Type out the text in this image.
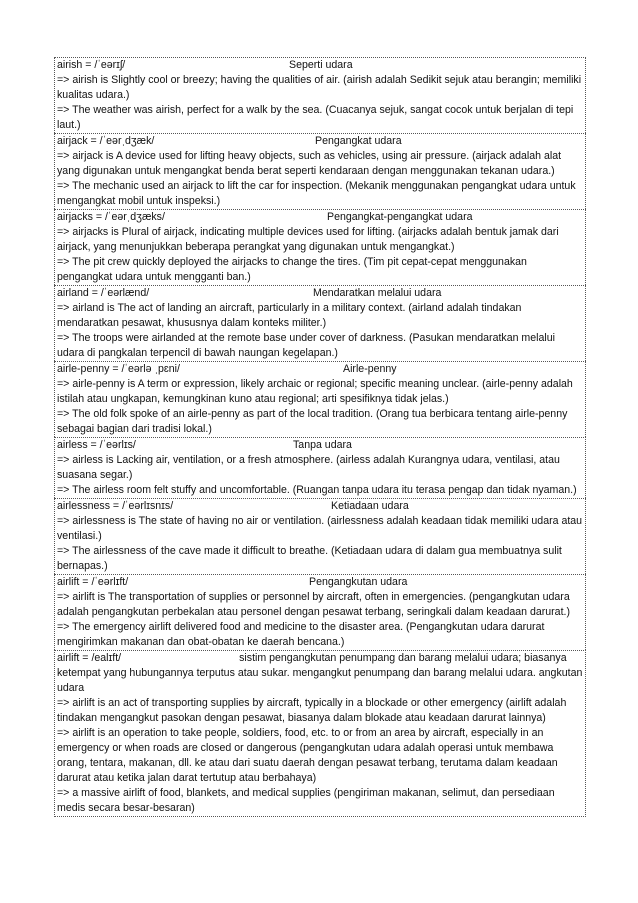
airish = /ˈeərɪʃ/	Seperti udara
=> airish is Slightly cool or breezy; having the qualities of air. (airish adalah Sedikit sejuk atau berangin; memiliki kualitas udara.)
=> The weather was airish, perfect for a walk by the sea. (Cuacanya sejuk, sangat cocok untuk berjalan di tepi laut.)
airjack = /ˈeərˌdʒæk/	Pengangkat udara
=> airjack is A device used for lifting heavy objects, such as vehicles, using air pressure. (airjack adalah alat yang digunakan untuk mengangkat benda berat seperti kendaraan dengan menggunakan tekanan udara.)
=> The mechanic used an airjack to lift the car for inspection. (Mekanik menggunakan pengangkat udara untuk mengangkat mobil untuk inspeksi.)
airjacks = /ˈeərˌdʒæks/	Pengangkat-pengangkat udara
=> airjacks is Plural of airjack, indicating multiple devices used for lifting. (airjacks adalah bentuk jamak dari airjack, yang menunjukkan beberapa perangkat yang digunakan untuk mengangkat.)
=> The pit crew quickly deployed the airjacks to change the tires. (Tim pit cepat-cepat menggunakan pengangkat udara untuk mengganti ban.)
airland = /ˈeərlænd/	Mendaratkan melalui udara
=> airland is The act of landing an aircraft, particularly in a military context. (airland adalah tindakan mendaratkan pesawat, khususnya dalam konteks militer.)
=> The troops were airlanded at the remote base under cover of darkness. (Pasukan mendaratkan melalui udara di pangkalan terpencil di bawah naungan kegelapan.)
airle-penny = /ˈeərlə ˌpɛni/	Airle-penny
=> airle-penny is A term or expression, likely archaic or regional; specific meaning unclear. (airle-penny adalah istilah atau ungkapan, kemungkinan kuno atau regional; arti spesifiknya tidak jelas.)
=> The old folk spoke of an airle-penny as part of the local tradition. (Orang tua berbicara tentang airle-penny sebagai bagian dari tradisi lokal.)
airless = /ˈeərlɪs/	Tanpa udara
=> airless is Lacking air, ventilation, or a fresh atmosphere. (airless adalah Kurangnya udara, ventilasi, atau suasana segar.)
=> The airless room felt stuffy and uncomfortable. (Ruangan tanpa udara itu terasa pengap dan tidak nyaman.)
airlessness = /ˈeərlɪsnɪs/	Ketiadaan udara
=> airlessness is The state of having no air or ventilation. (airlessness adalah keadaan tidak memiliki udara atau ventilasi.)
=> The airlessness of the cave made it difficult to breathe. (Ketiadaan udara di dalam gua membuatnya sulit bernapas.)
airlift = /ˈeərlɪft/	Pengangkutan udara
=> airlift is The transportation of supplies or personnel by aircraft, often in emergencies. (pengangkutan udara adalah pengangkutan perbekalan atau personel dengan pesawat terbang, seringkali dalam keadaan darurat.)
=> The emergency airlift delivered food and medicine to the disaster area. (Pengangkutan udara darurat mengirimkan makanan dan obat-obatan ke daerah bencana.)
airlift = /ealɪft/	sistim pengangkutan penumpang dan barang melalui udara; biasanya ketempat yang hubungannya terputus atau sukar. mengangkut penumpang dan barang melalui udara. angkutan udara
=> airlift is an act of transporting supplies by aircraft, typically in a blockade or other emergency (airlift adalah tindakan mengangkut pasokan dengan pesawat, biasanya dalam blokade atau keadaan darurat lainnya)
=> airlift is an operation to take people, soldiers, food, etc. to or from an area by aircraft, especially in an emergency or when roads are closed or dangerous (pengangkutan udara adalah operasi untuk membawa orang, tentara, makanan, dll. ke atau dari suatu daerah dengan pesawat terbang, terutama dalam keadaan darurat atau ketika jalan darat tertutup atau berbahaya)
=> a massive airlift of food, blankets, and medical supplies (pengiriman makanan, selimut, dan persediaan medis secara besar-besaran)
